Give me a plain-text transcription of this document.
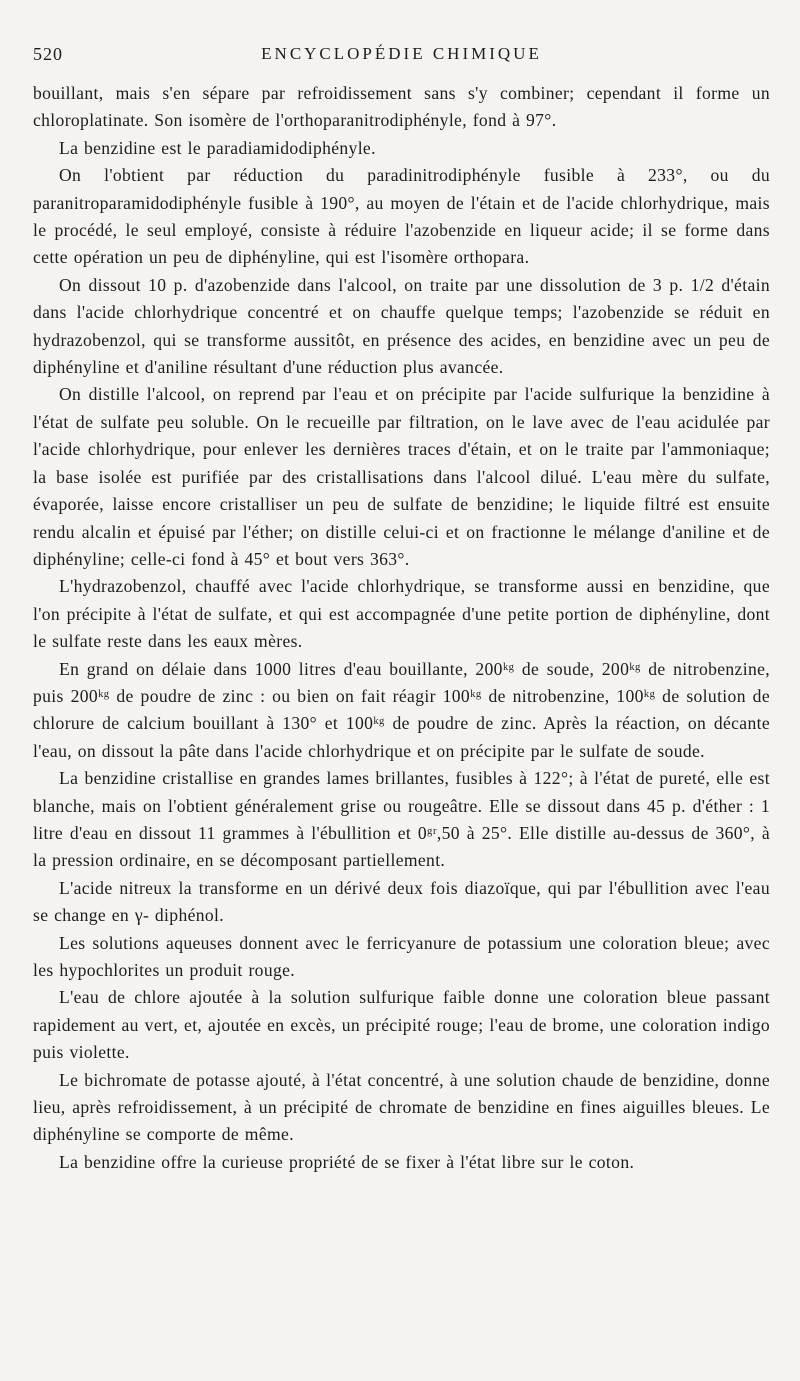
520	ENCYCLOPÉDIE CHIMIQUE

bouillant, mais s'en sépare par refroidissement sans s'y combiner; cependant il forme un chloroplatinate. Son isomère de l'orthoparanitrodiphényle, fond à 97°.

La benzidine est le paradiamidodiphényle.

On l'obtient par réduction du paradinitrodiphényle fusible à 233°, ou du paranitroparamidodiphényle fusible à 190°, au moyen de l'étain et de l'acide chlorhydrique, mais le procédé, le seul employé, consiste à réduire l'azobenzide en liqueur acide; il se forme dans cette opération un peu de diphényline, qui est l'isomère orthopara.

On dissout 10 p. d'azobenzide dans l'alcool, on traite par une dissolution de 3 p. 1/2 d'étain dans l'acide chlorhydrique concentré et on chauffe quelque temps; l'azobenzide se réduit en hydrazobenzol, qui se transforme aussitôt, en présence des acides, en benzidine avec un peu de diphényline et d'aniline résultant d'une réduction plus avancée.

On distille l'alcool, on reprend par l'eau et on précipite par l'acide sulfurique la benzidine à l'état de sulfate peu soluble. On le recueille par filtration, on le lave avec de l'eau acidulée par l'acide chlorhydrique, pour enlever les dernières traces d'étain, et on le traite par l'ammoniaque; la base isolée est purifiée par des cristallisations dans l'alcool dilué. L'eau mère du sulfate, évaporée, laisse encore cristalliser un peu de sulfate de benzidine; le liquide filtré est ensuite rendu alcalin et épuisé par l'éther; on distille celui-ci et on fractionne le mélange d'aniline et de diphényline; celle-ci fond à 45° et bout vers 363°.

L'hydrazobenzol, chauffé avec l'acide chlorhydrique, se transforme aussi en benzidine, que l'on précipite à l'état de sulfate, et qui est accompagnée d'une petite portion de diphényline, dont le sulfate reste dans les eaux mères.

En grand on délaie dans 1000 litres d'eau bouillante, 200ᵏᵍ de soude, 200ᵏᵍ de nitrobenzine, puis 200ᵏᵍ de poudre de zinc : ou bien on fait réagir 100ᵏᵍ de nitrobenzine, 100ᵏᵍ de solution de chlorure de calcium bouillant à 130° et 100ᵏᵍ de poudre de zinc. Après la réaction, on décante l'eau, on dissout la pâte dans l'acide chlorhydrique et on précipite par le sulfate de soude.

La benzidine cristallise en grandes lames brillantes, fusibles à 122°; à l'état de pureté, elle est blanche, mais on l'obtient généralement grise ou rougeâtre. Elle se dissout dans 45 p. d'éther : 1 litre d'eau en dissout 11 grammes à l'ébullition et 0ᵍʳ,50 à 25°. Elle distille au-dessus de 360°, à la pression ordinaire, en se décomposant partiellement.

L'acide nitreux la transforme en un dérivé deux fois diazoïque, qui par l'ébullition avec l'eau se change en γ- diphénol.

Les solutions aqueuses donnent avec le ferricyanure de potassium une coloration bleue; avec les hypochlorites un produit rouge.

L'eau de chlore ajoutée à la solution sulfurique faible donne une coloration bleue passant rapidement au vert, et, ajoutée en excès, un précipité rouge; l'eau de brome, une coloration indigo puis violette.

Le bichromate de potasse ajouté, à l'état concentré, à une solution chaude de benzidine, donne lieu, après refroidissement, à un précipité de chromate de benzidine en fines aiguilles bleues. Le diphényline se comporte de même.

La benzidine offre la curieuse propriété de se fixer à l'état libre sur le coton.
